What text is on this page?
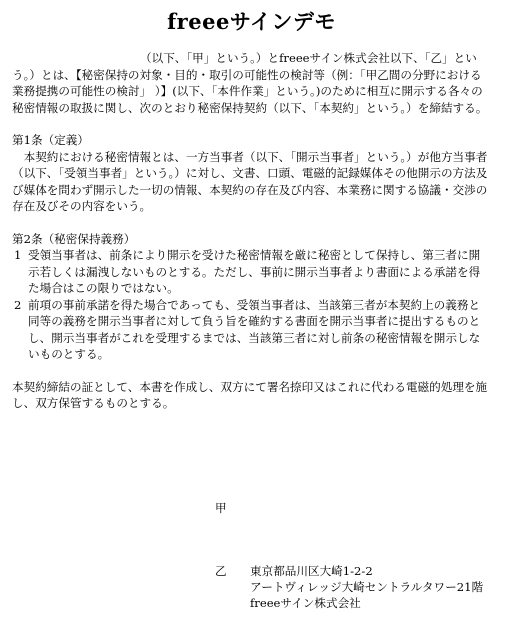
freeeサインデモ

（以下、「甲」という。）とfreeeサイン株式会社以下、「乙」という。）とは、【秘密保持の対象・目的・取引の可能性の検討等（例：「甲乙間の分野における業務提携の可能性の検討」 ）】(以下、「本件作業」という。)のために相互に開示する各々の秘密情報の取扱に関し、次のとおり秘密保持契約（以下、「本契約」という。）を締結する。

第1条（定義）

本契約における秘密情報とは、一方当事者（以下、「開示当事者」という。）が他方当事者（以下、「受領当事者」という。）に対し、文書、口頭、電磁的記録媒体その他開示の方法及び媒体を問わず開示した一切の情報、本契約の存在及び内容、本業務に関する協議・交渉の存在及びその内容をいう。

第2条（秘密保持義務）

1 受領当事者は、前条により開示を受けた秘密情報を厳に秘密として保持し、第三者に開示若しくは漏洩しないものとする。ただし、事前に開示当事者より書面による承諾を得た場合はこの限りではない。
2 前項の事前承諾を得た場合であっても、受領当事者は、当該第三者が本契約上の義務と同等の義務を開示当事者に対して負う旨を確約する書面を開示当事者に提出するものとし、開示当事者がこれを受理するまでは、当該第三者に対し前条の秘密情報を開示しないものとする。

本契約締結の証として、本書を作成し、双方にて署名捺印又はこれに代わる電磁的処理を施し、双方保管するものとする。

甲
乙	東京都品川区大崎1-2-2
アートヴィレッジ大崎セントラルタワー21階
freeeサイン株式会社
